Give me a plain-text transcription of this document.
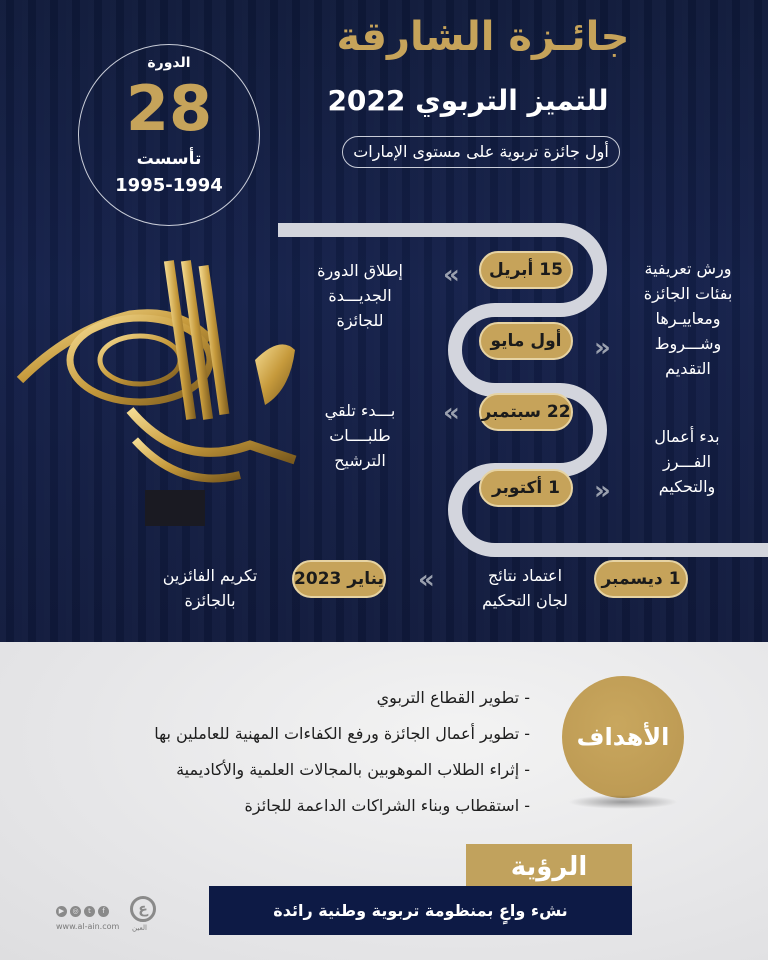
جائـزة الشارقة
للتميز التربوي 2022
أول جائزة تربوية على مستوى الإمارات
الدورة
28
تأسست
1995-1994
15 أبريل
أول مايو
22 سبتمبر
1 أكتوبر
1 ديسمبر
يناير 2023
«
»
«
»
«
إطلاق الدورة
الجديـــدة
للجائزة
ورش تعريفية
بفئات الجائزة
ومعاييـرها
وشـــروط
التقديم
بـــدء تلقي
طلبــــات
الترشيح
بدء أعمال
الفـــرز
والتحكيم
اعتماد نتائج
لجان التحكيم
تكريم الفائزين
بالجائزة
الأهداف
- تطوير القطاع التربوي
- تطوير أعمال الجائزة ورفع الكفاءات المهنية للعاملين بها
- إثراء الطلاب الموهوبين بالمجالات العلمية والأكاديمية
- استقطاب وبناء الشراكات الداعمة للجائزة
الرؤية
نشء واعٍ بمنظومة تربوية وطنية رائدة
▶	◎	t	f
www.al-ain.com
ع
العين
